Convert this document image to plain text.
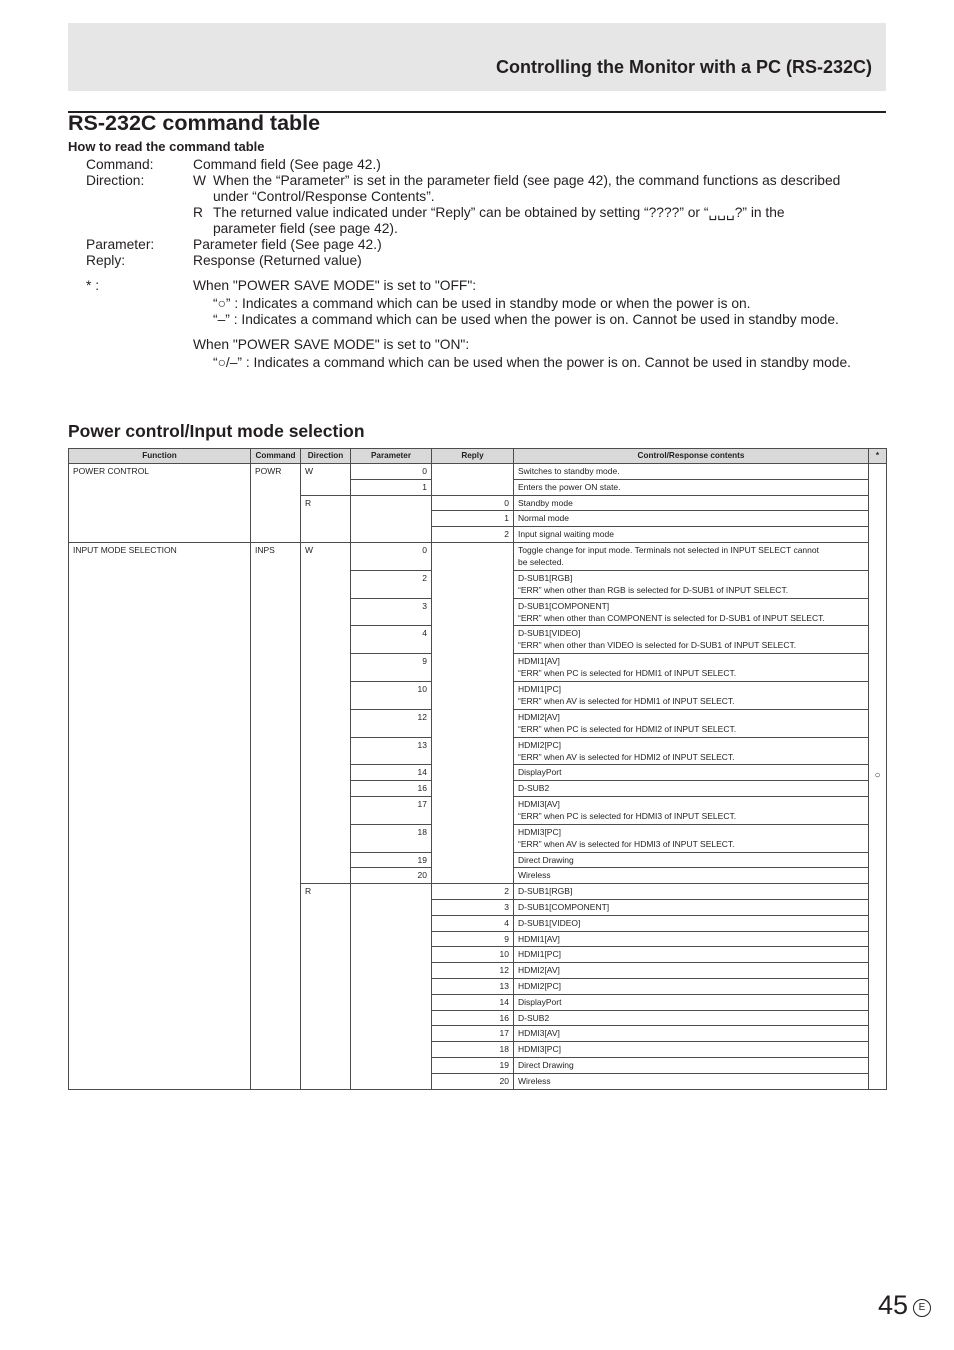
Controlling the Monitor with a PC (RS-232C)
RS-232C command table
How to read the command table
Command:	Command field (See page 42.)
Direction:	W When the “Parameter” is set in the parameter field (see page 42), the command functions as described
under “Control/Response Contents”.
R The returned value indicated under “Reply” can be obtained by setting “????” or “␣␣␣?” in the
parameter field (see page 42).
Parameter:	Parameter field (See page 42.)
Reply:	Response (Returned value)
* :	When "POWER SAVE MODE" is set to "OFF":
“○” : Indicates a command which can be used in standby mode or when the power is on.
“–” : Indicates a command which can be used when the power is on. Cannot be used in standby mode.
When "POWER SAVE MODE" is set to "ON":
“○/–” : Indicates a command which can be used when the power is on. Cannot be used in standby mode.
Power control/Input mode selection
Function	Command	Direction	Parameter	Reply	Control/Response contents	*
POWER CONTROL	POWR	W	0		Switches to standby mode.	○
			1		Enters the power ON state.	
		R		0	Standby mode	
				1	Normal mode	
				2	Input signal waiting mode	
INPUT MODE SELECTION	INPS	W	0		Toggle change for input mode. Terminals not selected in INPUT SELECT cannot
be selected.	
			2		D-SUB1[RGB]
“ERR” when other than RGB is selected for D-SUB1 of INPUT SELECT.	
			3		D-SUB1[COMPONENT]
“ERR” when other than COMPONENT is selected for D-SUB1 of INPUT SELECT.	
			4		D-SUB1[VIDEO]
“ERR” when other than VIDEO is selected for D-SUB1 of INPUT SELECT.	
			9		HDMI1[AV]
“ERR” when PC is selected for HDMI1 of INPUT SELECT.	
			10		HDMI1[PC]
“ERR” when AV is selected for HDMI1 of INPUT SELECT.	
			12		HDMI2[AV]
“ERR” when PC is selected for HDMI2 of INPUT SELECT.	
			13		HDMI2[PC]
“ERR” when AV is selected for HDMI2 of INPUT SELECT.	
			14		DisplayPort	
			16		D-SUB2	
			17		HDMI3[AV]
“ERR” when PC is selected for HDMI3 of INPUT SELECT.	
			18		HDMI3[PC]
“ERR” when AV is selected for HDMI3 of INPUT SELECT.	
			19		Direct Drawing	
			20		Wireless	
		R		2	D-SUB1[RGB]	
				3	D-SUB1[COMPONENT]	
				4	D-SUB1[VIDEO]	
				9	HDMI1[AV]	
				10	HDMI1[PC]	
				12	HDMI2[AV]	
				13	HDMI2[PC]	
				14	DisplayPort	
				16	D-SUB2	
				17	HDMI3[AV]	
				18	HDMI3[PC]	
				19	Direct Drawing	
				20	Wireless	
45	E
